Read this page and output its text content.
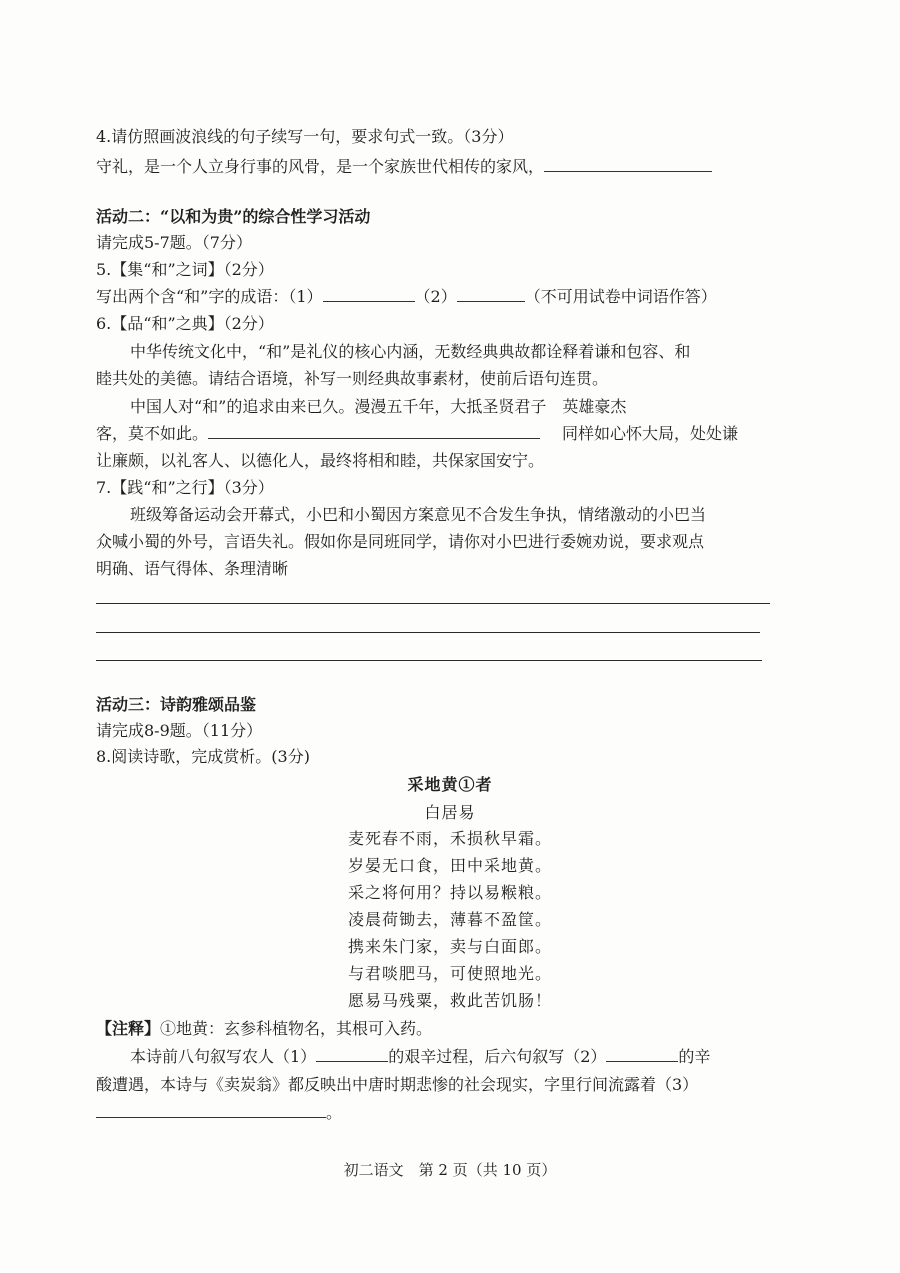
4.请仿照画波浪线的句子续写一句，要求句式一致。（3分）
守礼，是一个人立身行事的风骨，是一个家族世代相传的家风，
活动二：“以和为贵”的综合性学习活动
请完成5-7题。（7分）
5.【集“和”之词】（2分）
写出两个含“和”字的成语：（1）	（2）	（不可用试卷中词语作答）
6.【品“和”之典】（2分）
中华传统文化中，“和”是礼仪的核心内涵，无数经典典故都诠释着谦和包容、和
睦共处的美德。请结合语境，补写一则经典故事素材，使前后语句连贯。
中国人对“和”的追求由来已久。漫漫五千年，大抵圣贤君子　英雄豪杰
客，莫不如此。	同样如心怀大局，处处谦
让廉颇，以礼客人、以德化人，最终将相和睦，共保家国安宁。
7.【践“和”之行】（3分）
班级筹备运动会开幕式，小巴和小蜀因方案意见不合发生争执，情绪激动的小巴当
众喊小蜀的外号，言语失礼。假如你是同班同学，请你对小巴进行委婉劝说，要求观点
明确、语气得体、条理清晰
活动三：诗韵雅颂品鉴
请完成8-9题。（11分）
8.阅读诗歌，完成赏析。(3分)
采地黄①者
白居易
麦死春不雨，禾损秋早霜。
岁晏无口食，田中采地黄。
采之将何用？持以易糇粮。
凌晨荷锄去，薄暮不盈筐。
携来朱门家，卖与白面郎。
与君啖肥马，可使照地光。
愿易马残粟，救此苦饥肠！
【注释】①地黄：玄参科植物名，其根可入药。
本诗前八句叙写农人（1）	的艰辛过程，后六句叙写（2）	的辛
酸遭遇，本诗与《卖炭翁》都反映出中唐时期悲惨的社会现实，字里行间流露着（3）
。
初二语文　第 2 页（共 10 页）
